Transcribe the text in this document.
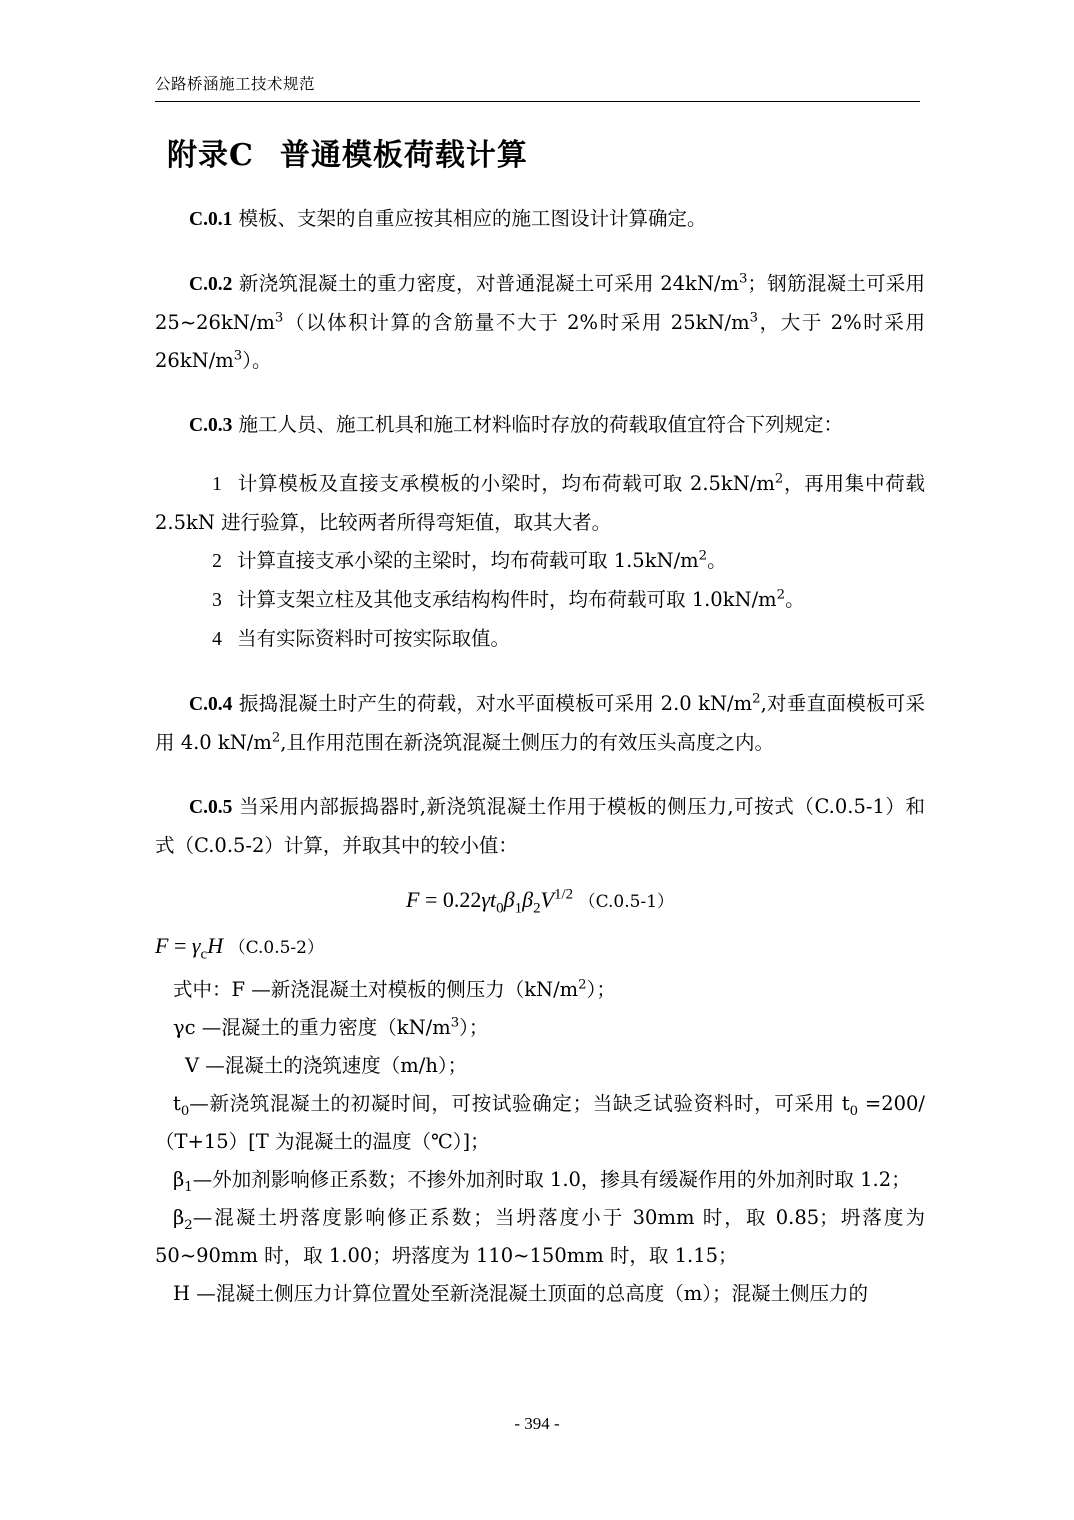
公路桥涵施工技术规范
附录C 普通模板荷载计算

C.0.1 模板、支架的自重应按其相应的施工图设计计算确定。

C.0.2 新浇筑混凝土的重力密度，对普通混凝土可采用 $24kN/m^3$；钢筋混凝土可采用 $25\sim 26kN/m^3$（以体积计算的含筋量不大于 2%时采用 $25kN/m^3$，大于 2%时采用 $26kN/m^3$）。

C.0.3 施工人员、施工机具和施工材料临时存放的荷载取值宜符合下列规定：

1 计算模板及直接支承模板的小梁时，均布荷载可取 $2.5kN/m^2$，再用集中荷载 2.5kN 进行验算，比较两者所得弯矩值，取其大者。
2 计算直接支承小梁的主梁时，均布荷载可取 $1.5kN/m^2$。
3 计算支架立柱及其他支承结构构件时，均布荷载可取 $1.0kN/m^2$。
4 当有实际资料时可按实际取值。

C.0.4 振捣混凝土时产生的荷载，对水平面模板可采用 2.0 $kN/m^2$,对垂直面模板可采用 4.0 $kN/m^2$,且作用范围在新浇筑混凝土侧压力的有效压头高度之内。

C.0.5 当采用内部振捣器时,新浇筑混凝土作用于模板的侧压力,可按式（C.0.5-1）和式（C.0.5-2）计算，并取其中的较小值：

$F = 0.22\gamma t_0\beta_1\beta_2V^{1/2}$ （C.0.5-1）
$F = \gamma_cH$ （C.0.5-2）
式中：F —新浇混凝土对模板的侧压力$(kN/m^2)$；
γc —混凝土的重力密度$(kN/m^3)$；
V —混凝土的浇筑速度（m/h）；
$t_0—$新浇筑混凝土的初凝时间，可按试验确定；当缺乏试验资料时，可采用 $t_0 =200/(T+15)[T$ 为混凝土的温度（℃）]；
$\beta_1—$外加剂影响修正系数；不掺外加剂时取 1.0，掺具有缓凝作用的外加剂时取 1.2；
$\beta_2—$混凝土坍落度影响修正系数；当坍落度小于 30mm 时，取 0.85；坍落度为 50~90mm 时，取 1.00；坍落度为 110~150mm 时，取 1.15；
H —混凝土侧压力计算位置处至新浇混凝土顶面的总高度（m）；混凝土侧压力的
- 394 -
